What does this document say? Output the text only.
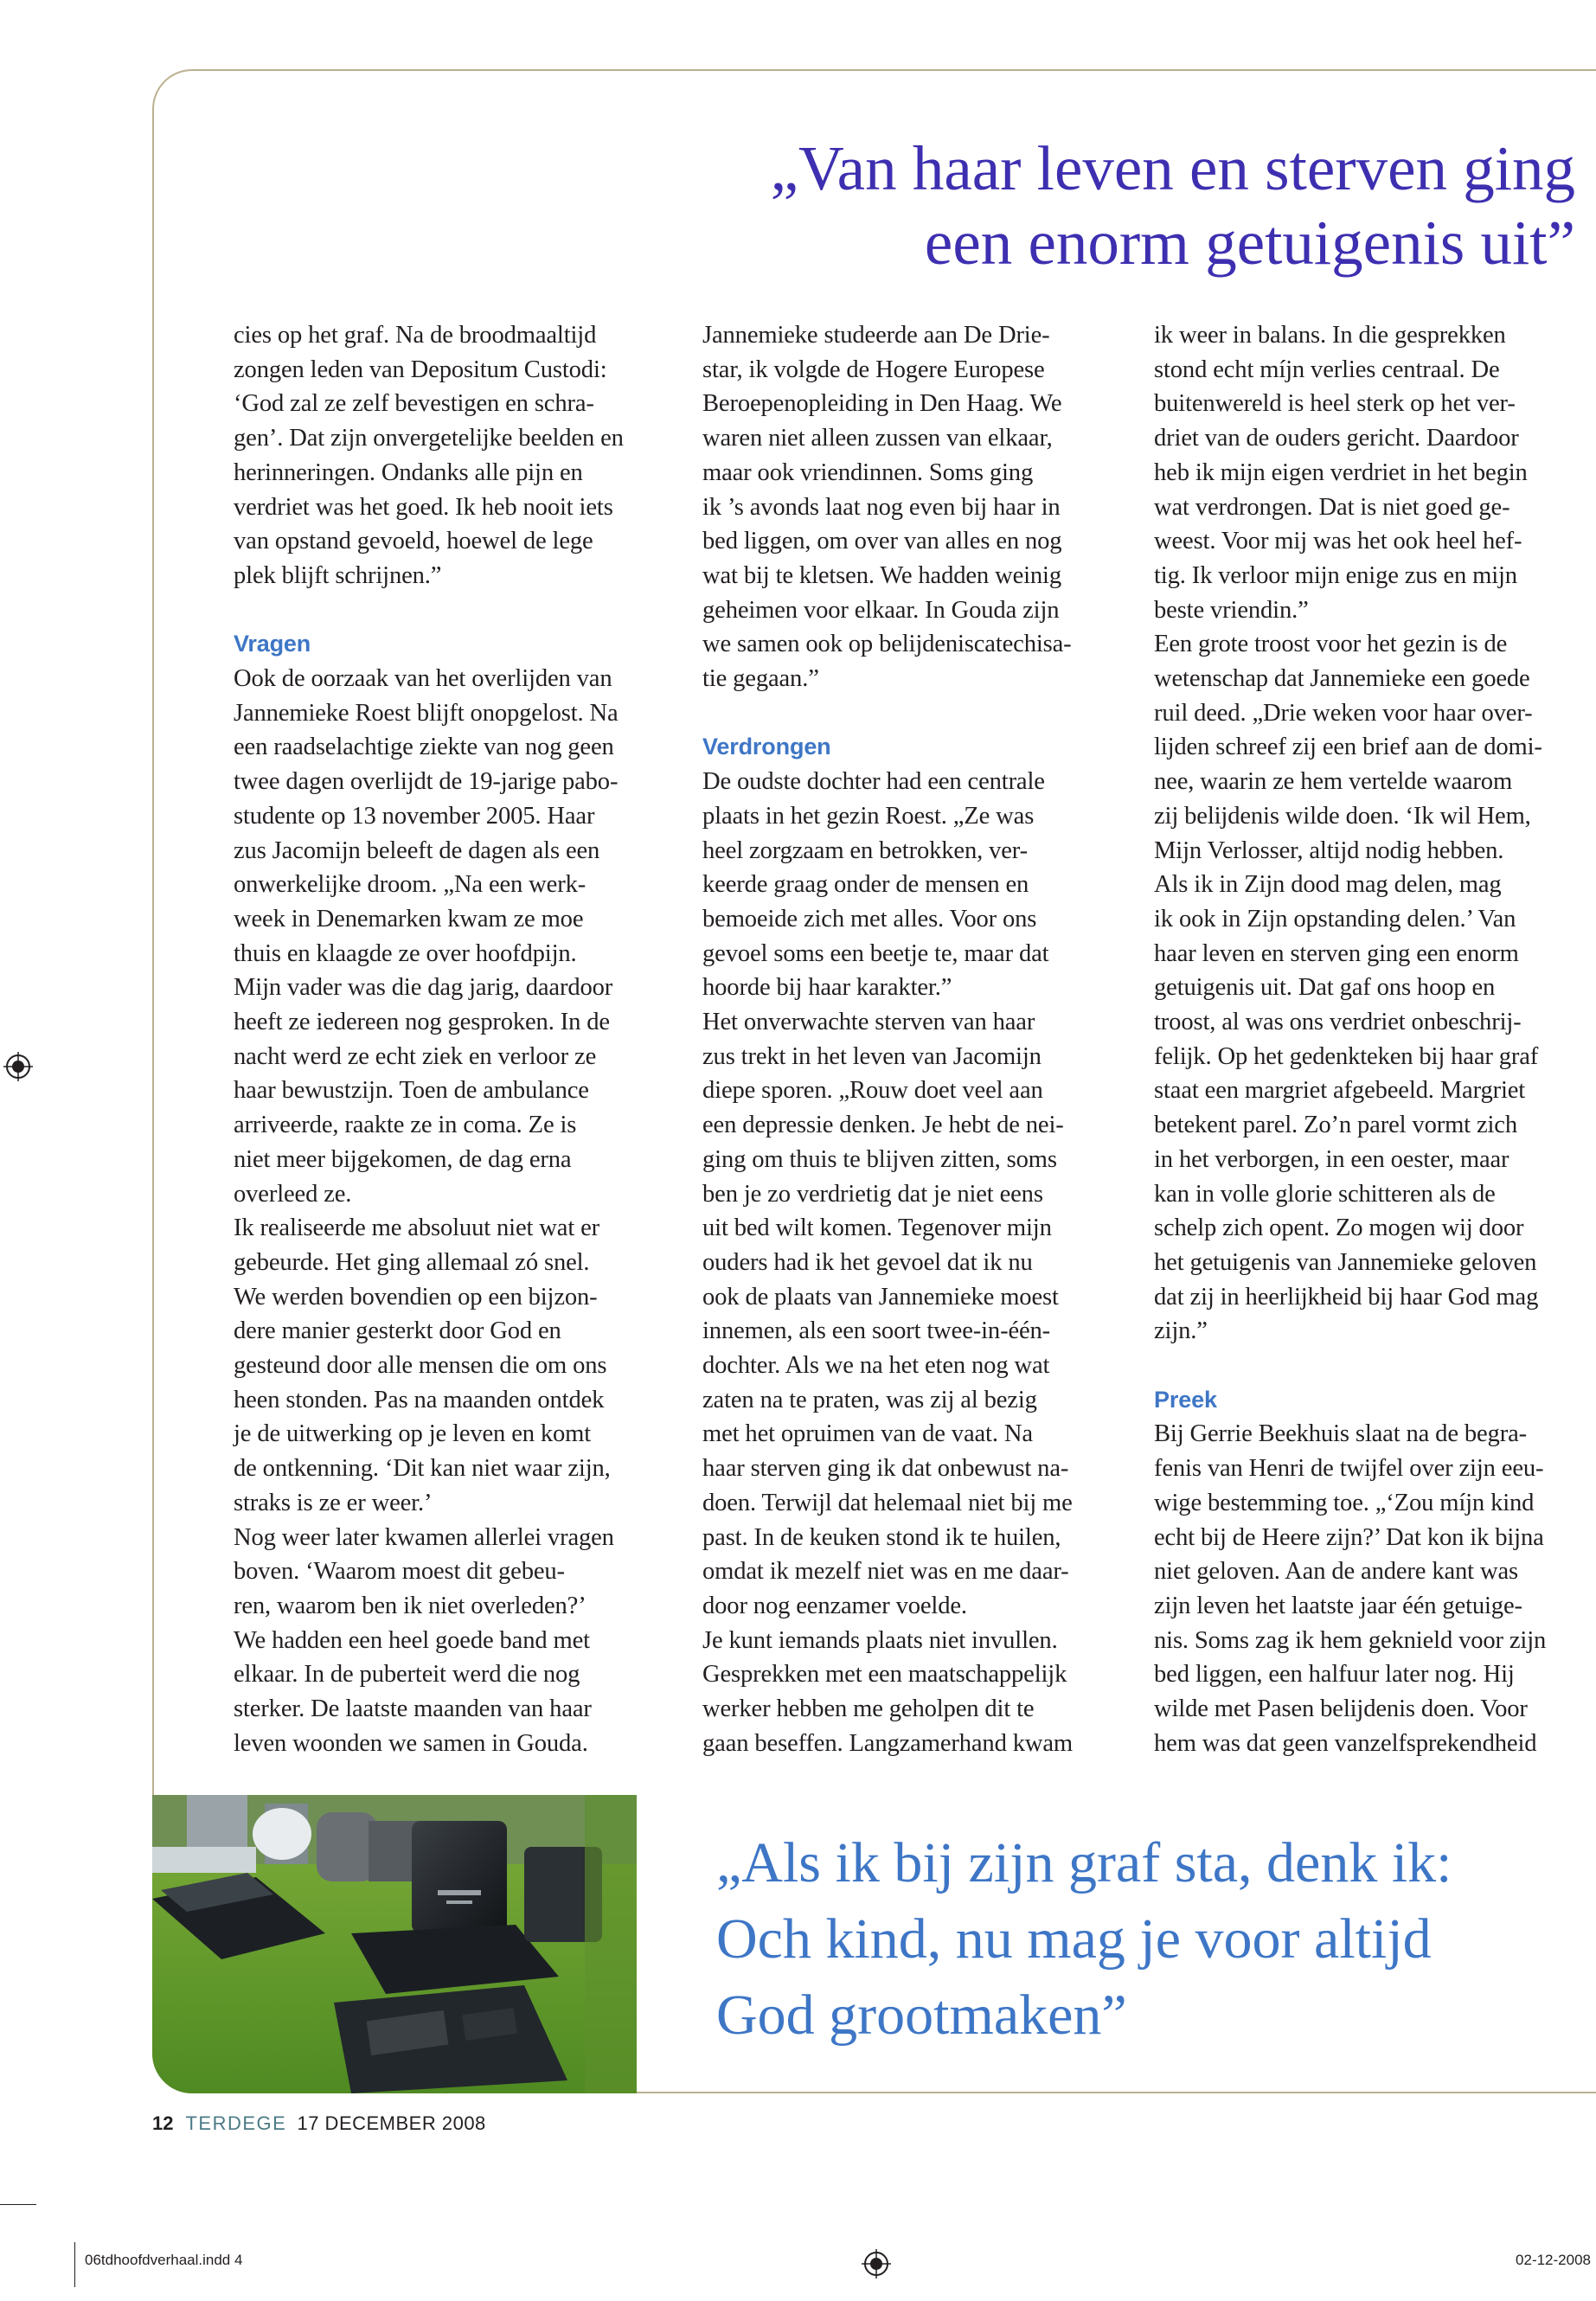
„Van haar leven en sterven ging
een enorm getuigenis uit”

cies op het graf. Na de broodmaaltijd
zongen leden van Depositum Custodi:
‘God zal ze zelf bevestigen en schra-
gen’. Dat zijn onvergetelijke beelden en
herinneringen. Ondanks alle pijn en
verdriet was het goed. Ik heb nooit iets
van opstand gevoeld, hoewel de lege
plek blijft schrijnen.”

Vragen

Ook de oorzaak van het overlijden van
Jannemieke Roest blijft onopgelost. Na
een raadselachtige ziekte van nog geen
twee dagen overlijdt de 19-jarige pabo-
studente op 13 november 2005. Haar
zus Jacomijn beleeft de dagen als een
onwerkelijke droom. „Na een werk-
week in Denemarken kwam ze moe
thuis en klaagde ze over hoofdpijn.
Mijn vader was die dag jarig, daardoor
heeft ze iedereen nog gesproken. In de
nacht werd ze echt ziek en verloor ze
haar bewustzijn. Toen de ambulance
arriveerde, raakte ze in coma. Ze is
niet meer bijgekomen, de dag erna
overleed ze.

Ik realiseerde me absoluut niet wat er
gebeurde. Het ging allemaal zó snel.
We werden bovendien op een bijzon-
dere manier gesterkt door God en
gesteund door alle mensen die om ons
heen stonden. Pas na maanden ontdek
je de uitwerking op je leven en komt
de ontkenning. ‘Dit kan niet waar zijn,
straks is ze er weer.’

Nog weer later kwamen allerlei vragen
boven. ‘Waarom moest dit gebeu-
ren, waarom ben ik niet overleden?’
We hadden een heel goede band met
elkaar. In de puberteit werd die nog
sterker. De laatste maanden van haar
leven woonden we samen in Gouda.

Jannemieke studeerde aan De Drie-
star, ik volgde de Hogere Europese
Beroepenopleiding in Den Haag. We
waren niet alleen zussen van elkaar,
maar ook vriendinnen. Soms ging
ik ’s avonds laat nog even bij haar in
bed liggen, om over van alles en nog
wat bij te kletsen. We hadden weinig
geheimen voor elkaar. In Gouda zijn
we samen ook op belijdeniscatechisa-
tie gegaan.”

Verdrongen

De oudste dochter had een centrale
plaats in het gezin Roest. „Ze was
heel zorgzaam en betrokken, ver-
keerde graag onder de mensen en
bemoeide zich met alles. Voor ons
gevoel soms een beetje te, maar dat
hoorde bij haar karakter.”

Het onverwachte sterven van haar
zus trekt in het leven van Jacomijn
diepe sporen. „Rouw doet veel aan
een depressie denken. Je hebt de nei-
ging om thuis te blijven zitten, soms
ben je zo verdrietig dat je niet eens
uit bed wilt komen. Tegenover mijn
ouders had ik het gevoel dat ik nu
ook de plaats van Jannemieke moest
innemen, als een soort twee-in-één-
dochter. Als we na het eten nog wat
zaten na te praten, was zij al bezig
met het opruimen van de vaat. Na
haar sterven ging ik dat onbewust na-
doen. Terwijl dat helemaal niet bij me
past. In de keuken stond ik te huilen,
omdat ik mezelf niet was en me daar-
door nog eenzamer voelde.

Je kunt iemands plaats niet invullen.
Gesprekken met een maatschappelijk
werker hebben me geholpen dit te
gaan beseffen. Langzamerhand kwam

ik weer in balans. In die gesprekken
stond echt míjn verlies centraal. De
buitenwereld is heel sterk op het ver-
driet van de ouders gericht. Daardoor
heb ik mijn eigen verdriet in het begin
wat verdrongen. Dat is niet goed ge-
weest. Voor mij was het ook heel hef-
tig. Ik verloor mijn enige zus en mijn
beste vriendin.”

Een grote troost voor het gezin is de
wetenschap dat Jannemieke een goede
ruil deed. „Drie weken voor haar over-
lijden schreef zij een brief aan de domi-
nee, waarin ze hem vertelde waarom
zij belijdenis wilde doen. ‘Ik wil Hem,
Mijn Verlosser, altijd nodig hebben.
Als ik in Zijn dood mag delen, mag
ik ook in Zijn opstanding delen.’ Van
haar leven en sterven ging een enorm
getuigenis uit. Dat gaf ons hoop en
troost, al was ons verdriet onbeschrij-
felijk. Op het gedenkteken bij haar graf
staat een margriet afgebeeld. Margriet
betekent parel. Zo’n parel vormt zich
in het verborgen, in een oester, maar
kan in volle glorie schitteren als de
schelp zich opent. Zo mogen wij door
het getuigenis van Jannemieke geloven
dat zij in heerlijkheid bij haar God mag
zijn.”

Preek

Bij Gerrie Beekhuis slaat na de begra-
fenis van Henri de twijfel over zijn eeu-
wige bestemming toe. „‘Zou míjn kind
echt bij de Heere zijn?’ Dat kon ik bijna
niet geloven. Aan de andere kant was
zijn leven het laatste jaar één getuige-
nis. Soms zag ik hem geknield voor zijn
bed liggen, een halfuur later nog. Hij
wilde met Pasen belijdenis doen. Voor
hem was dat geen vanzelfsprekendheid

„Als ik bij zijn graf sta, denk ik:
Och kind, nu mag je voor altijd
God grootmaken”
12 TERDEGE 17 DECEMBER 2008
06tdhoofdverhaal.indd 4	02-12-2008
